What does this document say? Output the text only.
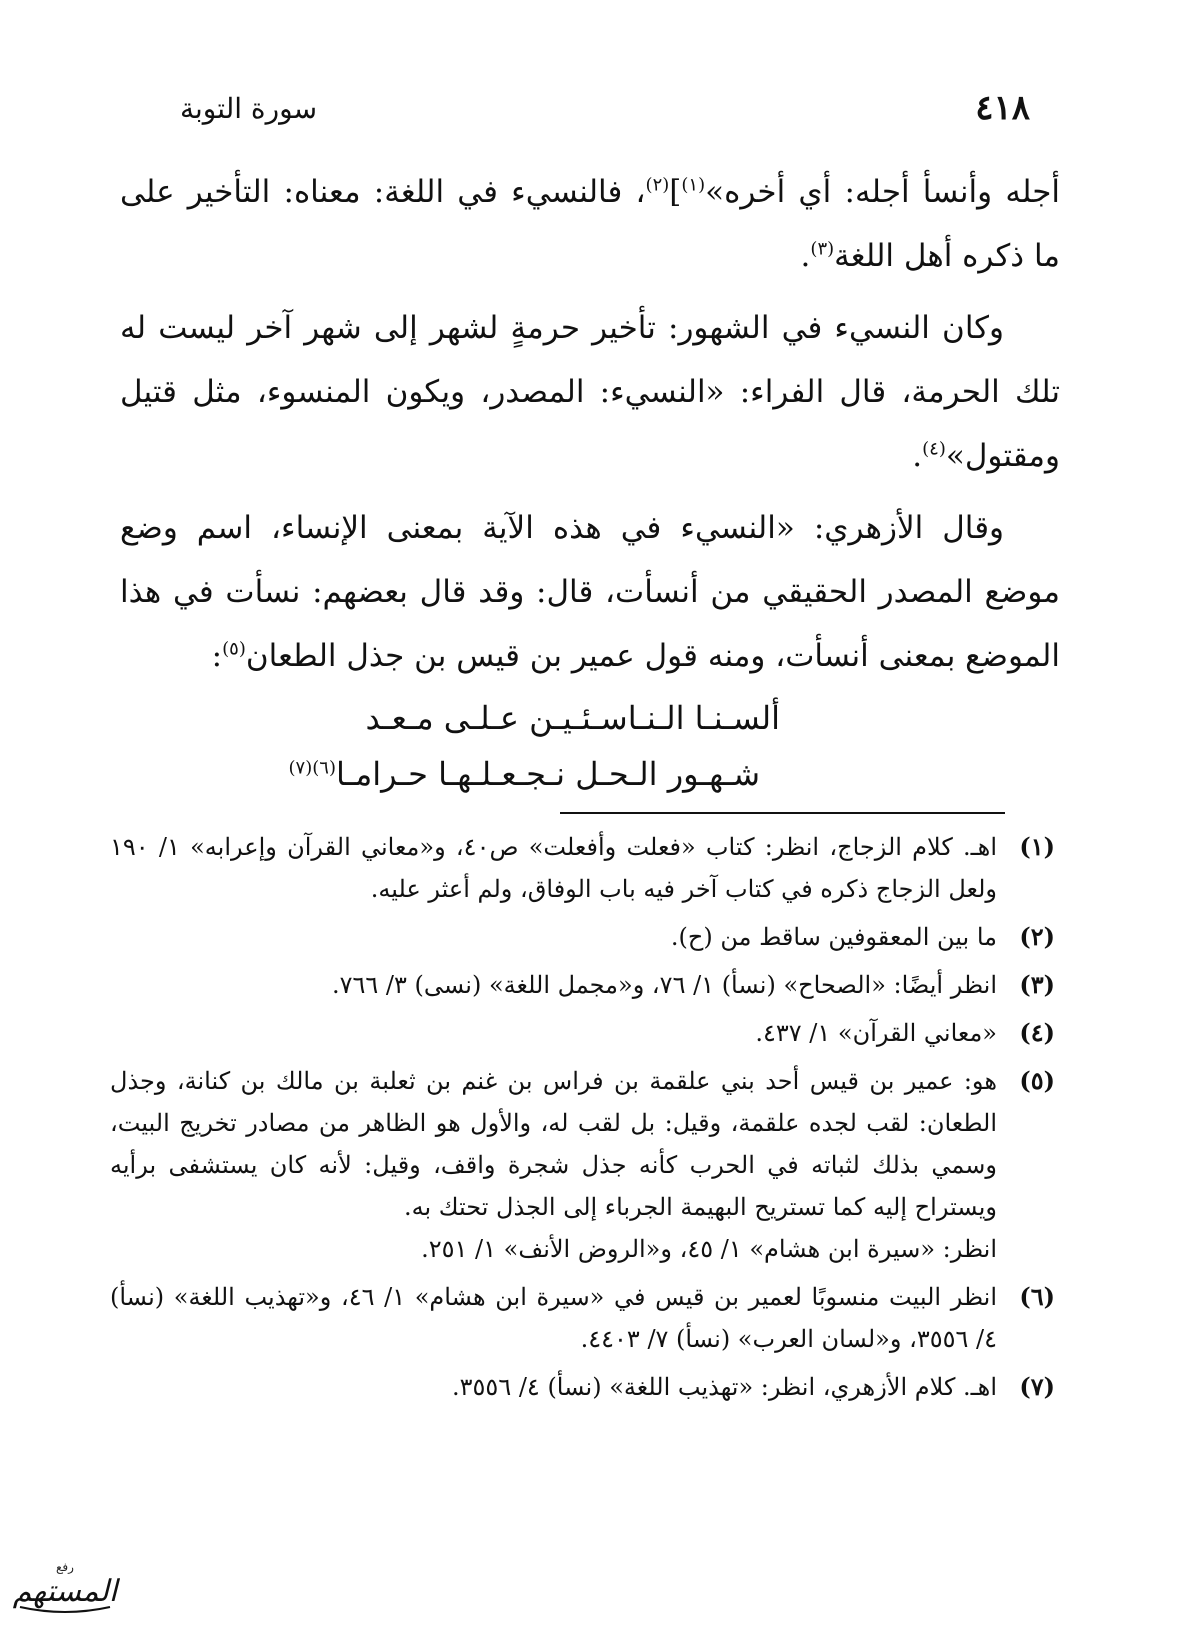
٤١٨
سورة التوبة

أجله وأنسأ أجله: أي أخره»$^{(١)}$]$^{(٢)}$، فالنسيء في اللغة: معناه: التأخير على ما ذكره أهل اللغة$^{(٣)}$.

وكان النسيء في الشهور: تأخير حرمةٍ لشهر إلى شهر آخر ليست له تلك الحرمة، قال الفراء: «النسيء: المصدر، ويكون المنسوء، مثل قتيل ومقتول»$^{(٤)}$.

وقال الأزهري: «النسيء في هذه الآية بمعنى الإنساء، اسم وضع موضع المصدر الحقيقي من أنسأت، قال: وقد قال بعضهم: نسأت في هذا الموضع بمعنى أنسأت، ومنه قول عمير بن قيس بن جذل الطعان$^{(٥)}$:

ألسـنـا الـنـاسـئـيـن عـلـى مـعـد
شـهـور الـحـل نـجـعـلـهـا حـرامـا$^{(٦)(٧)}$
(١)
اهـ. كلام الزجاج، انظر: كتاب «فعلت وأفعلت» ص٤٠، و«معاني القرآن وإعرابه» ١/ ١٩٠ ولعل الزجاج ذكره في كتاب آخر فيه باب الوفاق، ولم أعثر عليه.
(٢)
ما بين المعقوفين ساقط من (ح).
(٣)
انظر أيضًا: «الصحاح» (نسأ) ١/ ٧٦، و«مجمل اللغة» (نسى) ٣/ ٧٦٦.
(٤)
«معاني القرآن» ١/ ٤٣٧.
(٥)
هو: عمير بن قيس أحد بني علقمة بن فراس بن غنم بن ثعلبة بن مالك بن كنانة، وجذل الطعان: لقب لجده علقمة، وقيل: بل لقب له، والأول هو الظاهر من مصادر تخريج البيت، وسمي بذلك لثباته في الحرب كأنه جذل شجرة واقف، وقيل: لأنه كان يستشفى برأيه ويستراح إليه كما تستريح البهيمة الجرباء إلى الجذل تحتك به.
انظر: «سيرة ابن هشام» ١/ ٤٥، و«الروض الأنف» ١/ ٢٥١.
(٦)
انظر البيت منسوبًا لعمير بن قيس في «سيرة ابن هشام» ١/ ٤٦، و«تهذيب اللغة» (نسأ) ٤/ ٣٥٥٦، و«لسان العرب» (نسأ) ٧/ ٤٤٠٣.
(٧)
اهـ. كلام الأزهري، انظر: «تهذيب اللغة» (نسأ) ٤/ ٣٥٥٦.
رفع
المستهم
